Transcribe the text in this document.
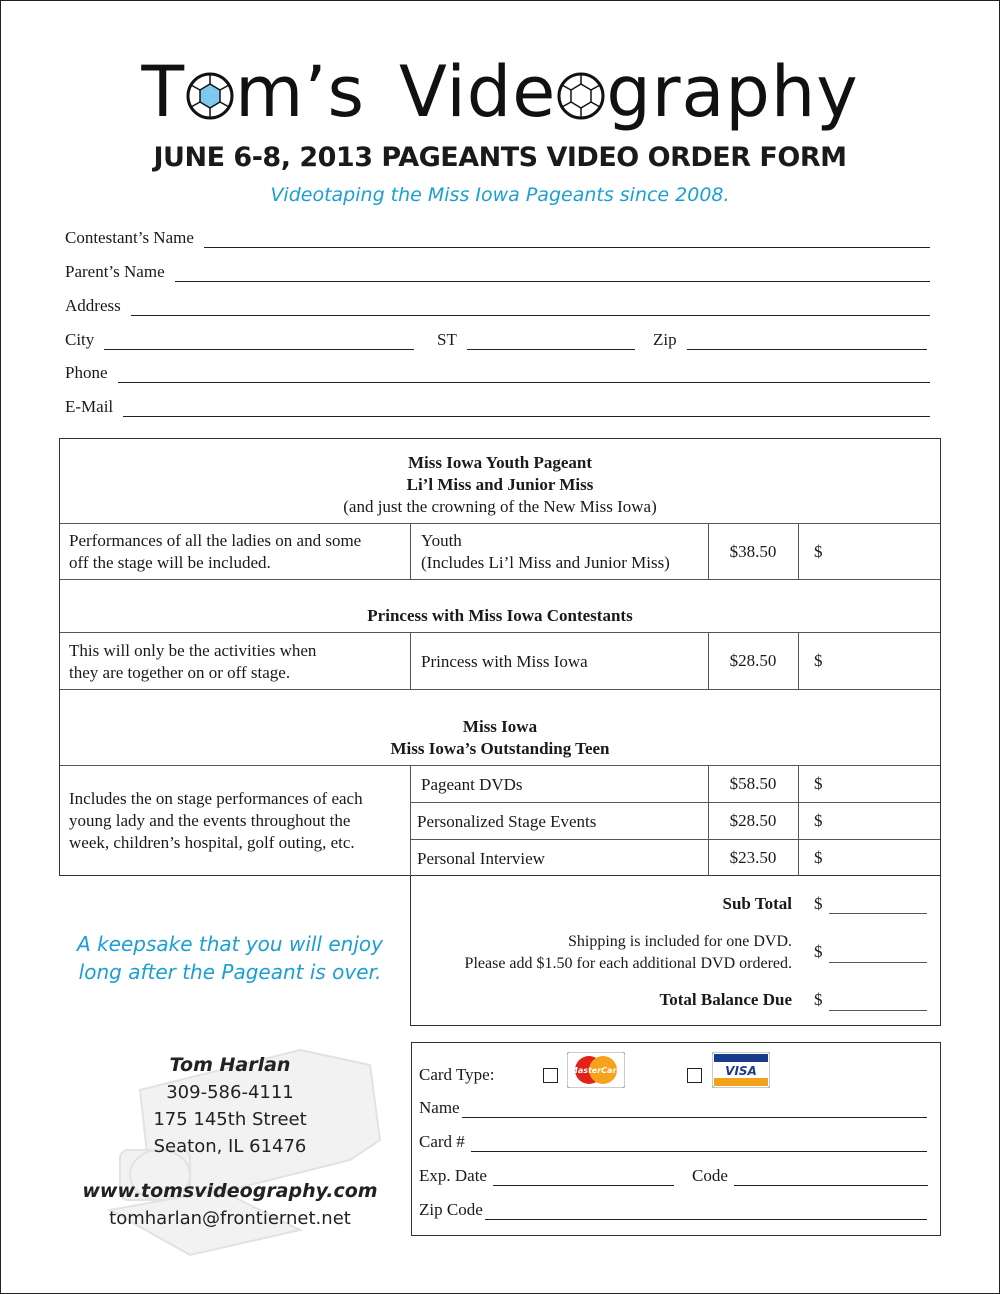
T m’s Vide graphy
JUNE 6-8, 2013 PAGEANTS VIDEO ORDER FORM
Videotaping the Miss Iowa Pageants since 2008.
Contestant’s Name
Parent’s Name
Address
City	ST	Zip
Phone
E-Mail
Miss Iowa Youth Pageant
Li’l Miss and Junior Miss
(and just the crowning of the New Miss Iowa)
Performances of all the ladies on and some
off the stage will be included.
Youth
(Includes Li’l Miss and Junior Miss)
$38.50	$
Princess with Miss Iowa Contestants
This will only be the activities when
they are together on or off stage.
Princess with Miss Iowa	$28.50	$
Miss Iowa
Miss Iowa’s Outstanding Teen
Includes the on stage performances of each
young lady and the events throughout the
week, children’s hospital, golf outing, etc.
Pageant DVDs	$58.50	$
Personalized Stage Events	$28.50	$
Personal Interview	$23.50	$
Sub Total $
Shipping is included for one DVD.
Please add $1.50 for each additional DVD ordered.
$
Total Balance Due $
A keepsake that you will enjoy
long after the Pageant is over.
Tom Harlan
309-586-4111
175 145th Street
Seaton, IL 61476
www.tomsvideography.com
tomharlan@frontiernet.net
Card Type:	MasterCard	VISA
Name
Card #
Exp. Date	Code
Zip Code
